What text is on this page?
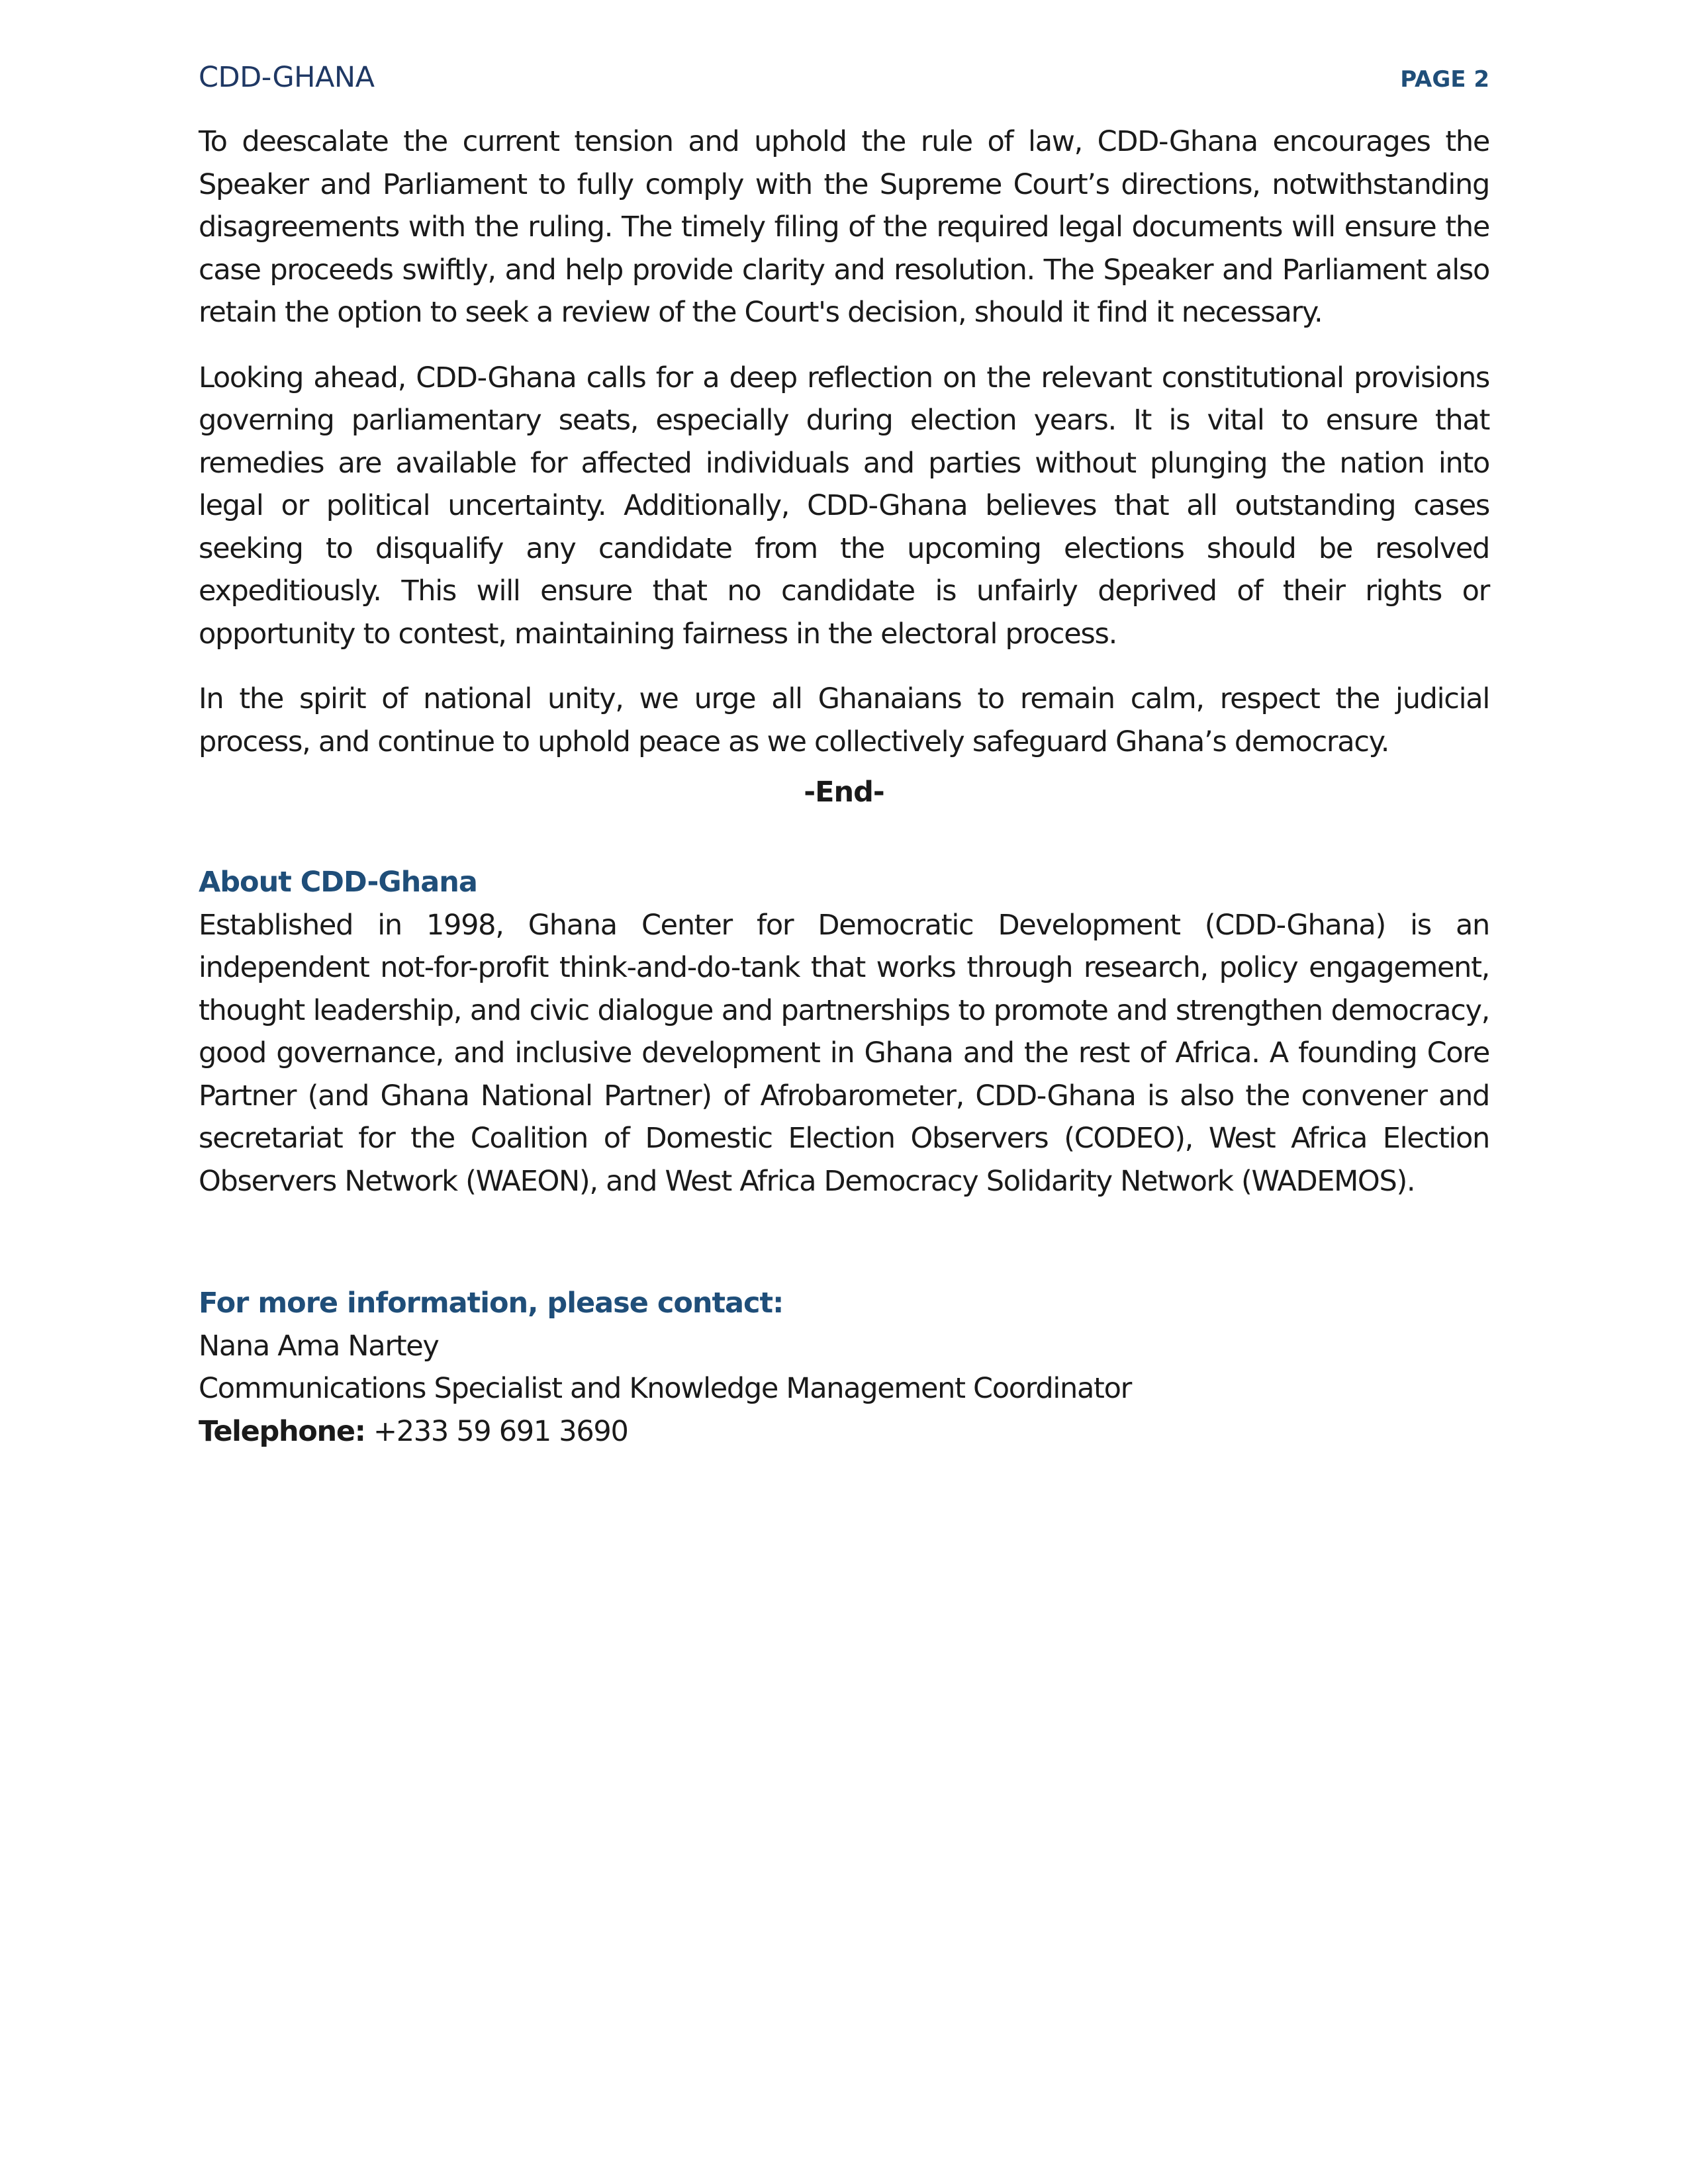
CDD-GHANA	PAGE 2

To deescalate the current tension and uphold the rule of law, CDD-Ghana encourages the Speaker and Parliament to fully comply with the Supreme Court’s directions, notwithstanding disagreements with the ruling. The timely filing of the required legal documents will ensure the case proceeds swiftly, and help provide clarity and resolution. The Speaker and Parliament also retain the option to seek a review of the Court's decision, should it find it necessary.

Looking ahead, CDD-Ghana calls for a deep reflection on the relevant constitutional provisions governing parliamentary seats, especially during election years. It is vital to ensure that remedies are available for affected individuals and parties without plunging the nation into legal or political uncertainty. Additionally, CDD-Ghana believes that all outstanding cases seeking to disqualify any candidate from the upcoming elections should be resolved expeditiously. This will ensure that no candidate is unfairly deprived of their rights or opportunity to contest, maintaining fairness in the electoral process.

In the spirit of national unity, we urge all Ghanaians to remain calm, respect the judicial process, and continue to uphold peace as we collectively safeguard Ghana’s democracy.

-End-

About CDD-Ghana

Established in 1998, Ghana Center for Democratic Development (CDD-Ghana) is an independent not-for-profit think-and-do-tank that works through research, policy engagement, thought leadership, and civic dialogue and partnerships to promote and strengthen democracy, good governance, and inclusive development in Ghana and the rest of Africa. A founding Core Partner (and Ghana National Partner) of Afrobarometer, CDD-Ghana is also the convener and secretariat for the Coalition of Domestic Election Observers (CODEO), West Africa Election Observers Network (WAEON), and West Africa Democracy Solidarity Network (WADEMOS).

For more information, please contact:

Nana Ama Nartey

Communications Specialist and Knowledge Management Coordinator

Telephone: +233 59 691 3690
